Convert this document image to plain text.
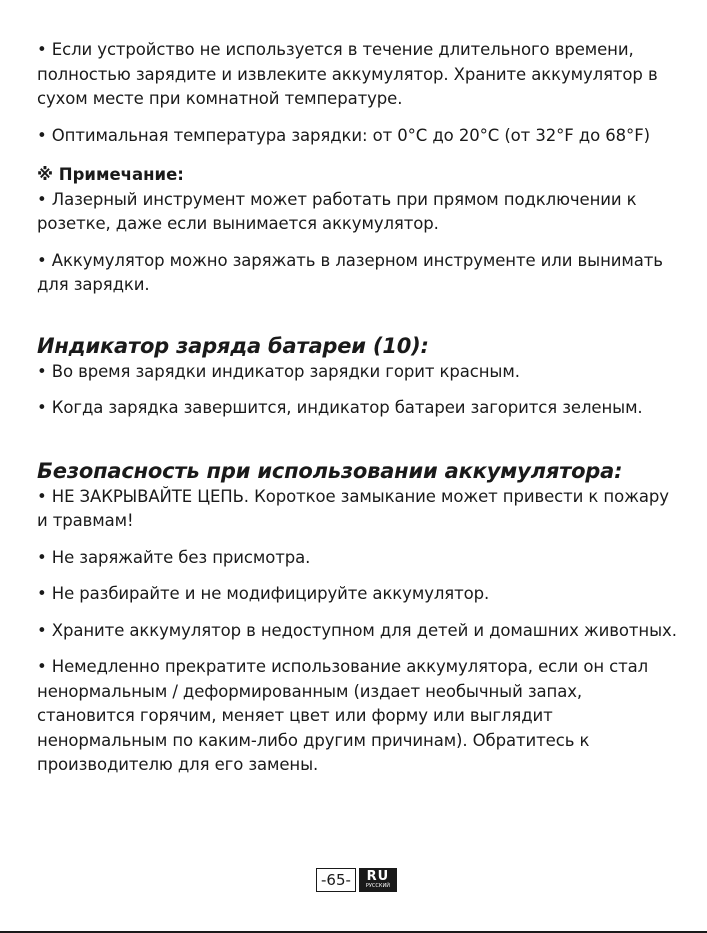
• Если устройство не используется в течение длительного времени, полностью зарядите и извлеките аккумулятор. Храните аккумулятор в сухом месте при комнатной температуре.

• Оптимальная температура зарядки: от 0°C до 20°C (от 32°F до 68°F)

※ Примечание:

• Лазерный инструмент может работать при прямом подключении к розетке, даже если вынимается аккумулятор.

• Аккумулятор можно заряжать в лазерном инструменте или вынимать для зарядки.

Индикатор заряда батареи (10):

• Во время зарядки индикатор зарядки горит красным.

• Когда зарядка завершится, индикатор батареи загорится зеленым.

Безопасность при использовании аккумулятора:

• НЕ ЗАКРЫВАЙТЕ ЦЕПЬ. Короткое замыкание может привести к пожару и травмам!

• Не заряжайте без присмотра.

• Не разбирайте и не модифицируйте аккумулятор.

• Храните аккумулятор в недоступном для детей и домашних животных.

• Немедленно прекратите использование аккумулятора, если он стал ненормальным / деформированным (издает необычный запах, становится горячим, меняет цвет или форму или выглядит ненормальным по каким-либо другим причинам). Обратитесь к производителю для его замены.

-65-	RU
РУССКИЙ
